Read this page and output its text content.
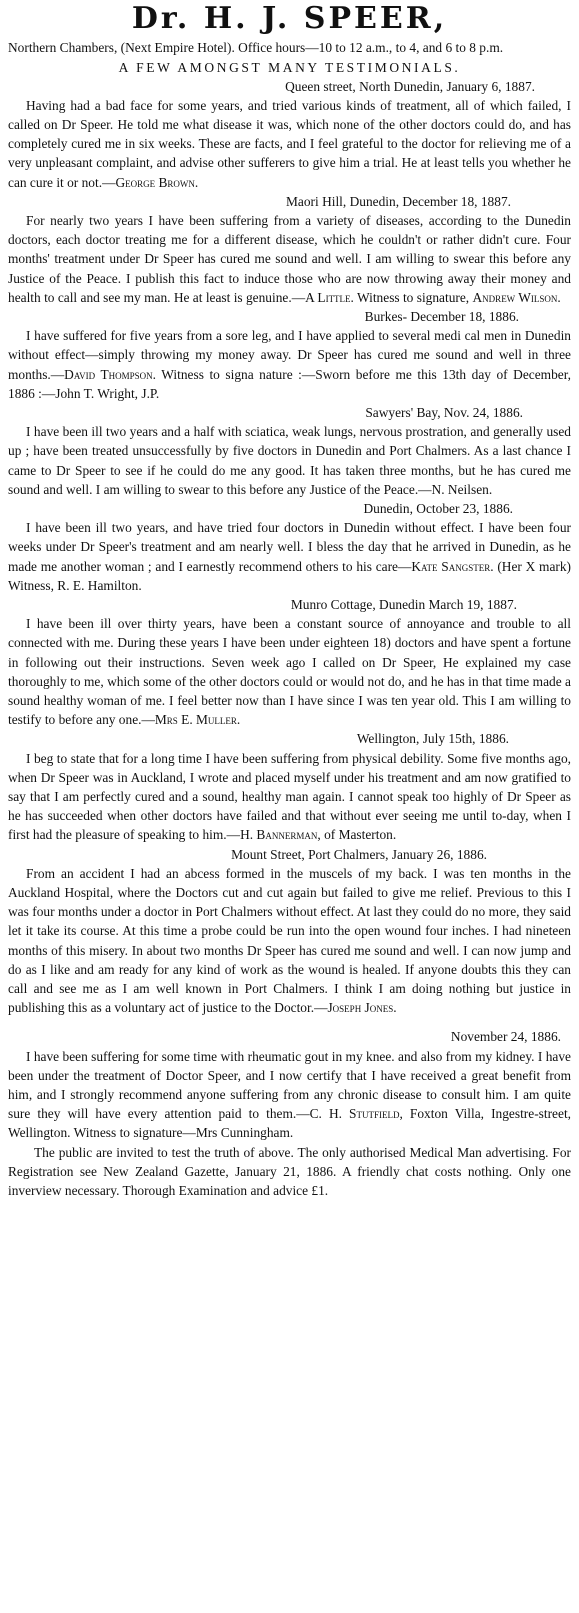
Dr. H. J. SPEER,

Northern Chambers, (Next Empire Hotel). Office hours—10 to 12 a.m., to 4, and 6 to 8 p.m.

A FEW AMONGST MANY TESTIMONIALS.

Queen street, North Dunedin, January 6, 1887.

Having had a bad face for some years, and tried various kinds of treatment, all of which failed, I called on Dr Speer. He told me what disease it was, which none of the other doctors could do, and has completely cured me in six weeks. These are facts, and I feel grateful to the doctor for relieving me of a very unpleasant complaint, and advise other sufferers to give him a trial. He at least tells you whether he can cure it or not.—George Brown.

Maori Hill, Dunedin, December 18, 1887.

For nearly two years I have been suffering from a variety of diseases, according to the Dunedin doctors, each doctor treating me for a different disease, which he couldn't or rather didn't cure. Four months' treatment under Dr Speer has cured me sound and well. I am willing to swear this before any Justice of the Peace. I publish this fact to induce those who are now throwing away their money and health to call and see my man. He at least is genuine.—A Little. Witness to signature, Andrew Wilson.

Burkes- December 18, 1886.

I have suffered for five years from a sore leg, and I have applied to several medi cal men in Dunedin without effect—simply throwing my money away. Dr Speer has cured me sound and well in three months.—David Thompson. Witness to signa nature :—Sworn before me this 13th day of December, 1886 :—John T. Wright, J.P.

Sawyers' Bay, Nov. 24, 1886.

I have been ill two years and a half with sciatica, weak lungs, nervous prostration, and generally used up ; have been treated unsuccessfully by five doctors in Dunedin and Port Chalmers. As a last chance I came to Dr Speer to see if he could do me any good. It has taken three months, but he has cured me sound and well. I am willing to swear to this before any Justice of the Peace.—N. Neilsen.

Dunedin, October 23, 1886.

I have been ill two years, and have tried four doctors in Dunedin without effect. I have been four weeks under Dr Speer's treatment and am nearly well. I bless the day that he arrived in Dunedin, as he made me another woman ; and I earnestly recommend others to his care—Kate Sangster. (Her X mark) Witness, R. E. Hamilton.

Munro Cottage, Dunedin March 19, 1887.

I have been ill over thirty years, have been a constant source of annoyance and trouble to all connected with me. During these years I have been under eighteen 18) doctors and have spent a fortune in following out their instructions. Seven week ago I called on Dr Speer, He explained my case thoroughly to me, which some of the other doctors could or would not do, and he has in that time made a sound healthy woman of me. I feel better now than I have since I was ten year old. This I am willing to testify to before any one.—Mrs E. Muller.

Wellington, July 15th, 1886.

I beg to state that for a long time I have been suffering from physical debility. Some five months ago, when Dr Speer was in Auckland, I wrote and placed myself under his treatment and am now gratified to say that I am perfectly cured and a sound, healthy man again. I cannot speak too highly of Dr Speer as he has succeeded when other doctors have failed and that without ever seeing me until to-day, when I first had the pleasure of speaking to him.—H. Bannerman, of Masterton.

Mount Street, Port Chalmers, January 26, 1886.

From an accident I had an abcess formed in the muscels of my back. I was ten months in the Auckland Hospital, where the Doctors cut and cut again but failed to give me relief. Previous to this I was four months under a doctor in Port Chalmers without effect. At last they could do no more, they said let it take its course. At this time a probe could be run into the open wound four inches. I had nineteen months of this misery. In about two months Dr Speer has cured me sound and well. I can now jump and do as I like and am ready for any kind of work as the wound is healed. If anyone doubts this they can call and see me as I am well known in Port Chalmers. I think I am doing nothing but justice in publishing this as a voluntary act of justice to the Doctor.—Joseph Jones.

November 24, 1886.

I have been suffering for some time with rheumatic gout in my knee. and also from my kidney. I have been under the treatment of Doctor Speer, and I now certify that I have received a great benefit from him, and I strongly recommend anyone suffering from any chronic disease to consult him. I am quite sure they will have every attention paid to them.—C. H. Stutfield, Foxton Villa, Ingestre-street, Wellington. Witness to signature—Mrs Cunningham.

The public are invited to test the truth of above. The only authorised Medical Man advertising. For Registration see New Zealand Gazette, January 21, 1886. A friendly chat costs nothing. Only one inverview necessary. Thorough Examination and advice £1.
